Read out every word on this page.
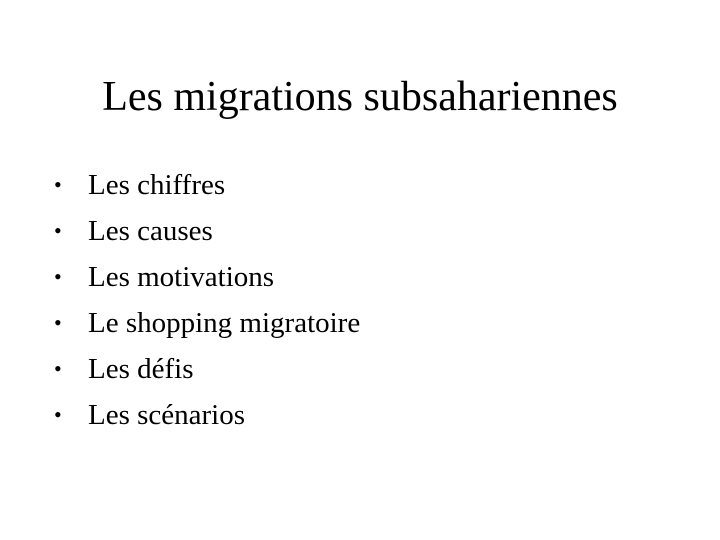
Les migrations subsahariennes
• Les chiffres
• Les causes
• Les motivations
• Le shopping migratoire
• Les défis
• Les scénarios
